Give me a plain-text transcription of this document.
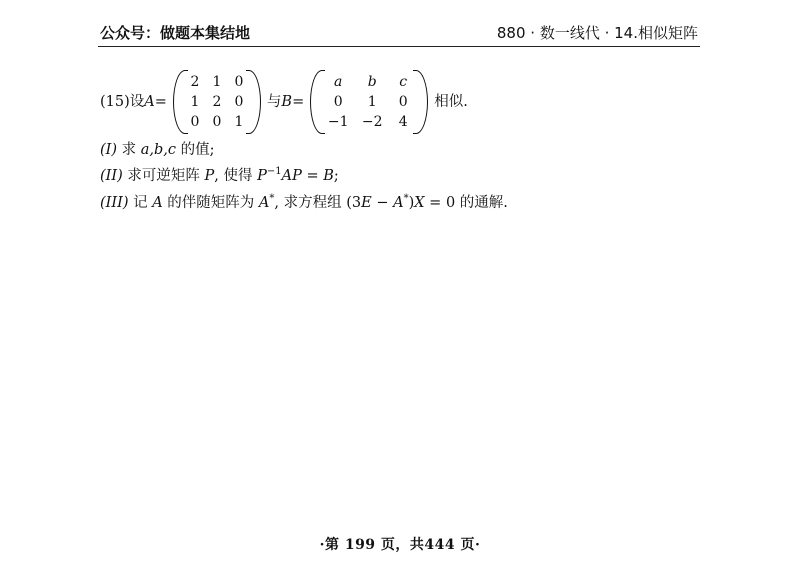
公众号：做题本集结地	880 · 数一线代 · 14.相似矩阵
(15) 设 A =
2	1	0
1	2	0
0	0	1
与 B =
a	b	c
0	1	0
−1	−2	4
相似.
(I) 求 a,b,c 的值;
(II) 求可逆矩阵 P, 使得 $P^{-1}AP = B$;
(III) 记 A 的伴随矩阵为 A*, 求方程组 (3E − A*)X = 0 的通解.
·第 199 页，共444 页·
